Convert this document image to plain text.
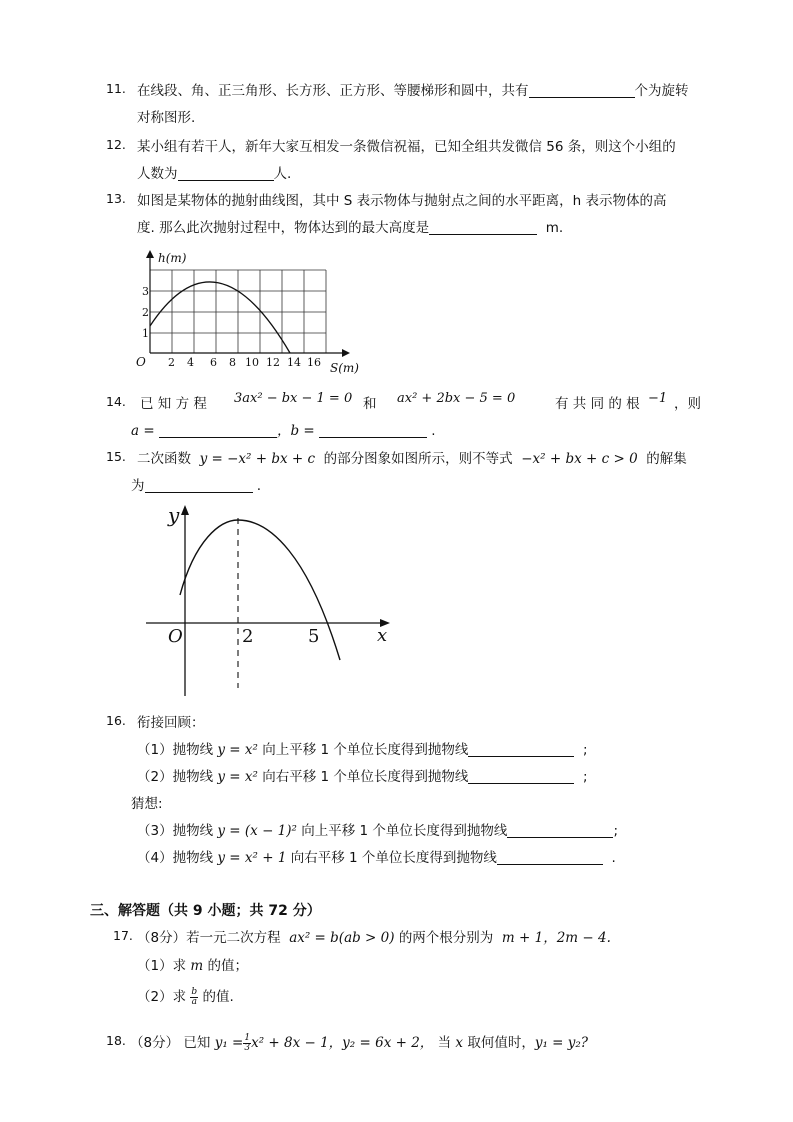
11. 在线段、角、正三角形、长方形、正方形、等腰梯形和圆中，共有	个为旋转
对称图形.
12. 某小组有若干人，新年大家互相发一条微信祝福，已知全组共发微信 56 条，则这个小组的
人数为	人.
13. 如图是某物体的抛射曲线图，其中 S 表示物体与抛射点之间的水平距离，h 表示物体的高
度. 那么此次抛射过程中，物体达到的最大高度是	m.
h(m)
S(m)
O
3
2
1
2 4 6 8 10 12 14 16
14. 已 知 方 程 3ax² − bx − 1 = 0 和 ax² + 2bx − 5 = 0	有 共 同 的 根 −1 ，则
a =	，b =	.
15. 二次函数 y = −x² + bx + c 的部分图象如图所示，则不等式 −x² + bx + c > 0 的解集
为	.
y
x
O	2	5
16. 衔接回顾：
（1）抛物线 y = x² 向上平移 1 个单位长度得到抛物线	;
（2）抛物线 y = x² 向右平移 1 个单位长度得到抛物线	;
猜想:
（3）抛物线 y = (x − 1)² 向上平移 1 个单位长度得到抛物线	;
（4）抛物线 y = x² + 1 向右平移 1 个单位长度得到抛物线	.
三、解答题（共 9 小题；共 72 分）
17. （8分）若一元二次方程 ax² = b(ab > 0) 的两个根分别为 m + 1，2m − 4.
（1）求 m 的值；
（2）求 $\frac{b}{a}$ 的值.
18. （8分） 已知 $y_1 = \frac{1}{3} x^2 + 8x - 1$，y₂ = 6x + 2， 当 x 取何值时，y₁ = y₂?
